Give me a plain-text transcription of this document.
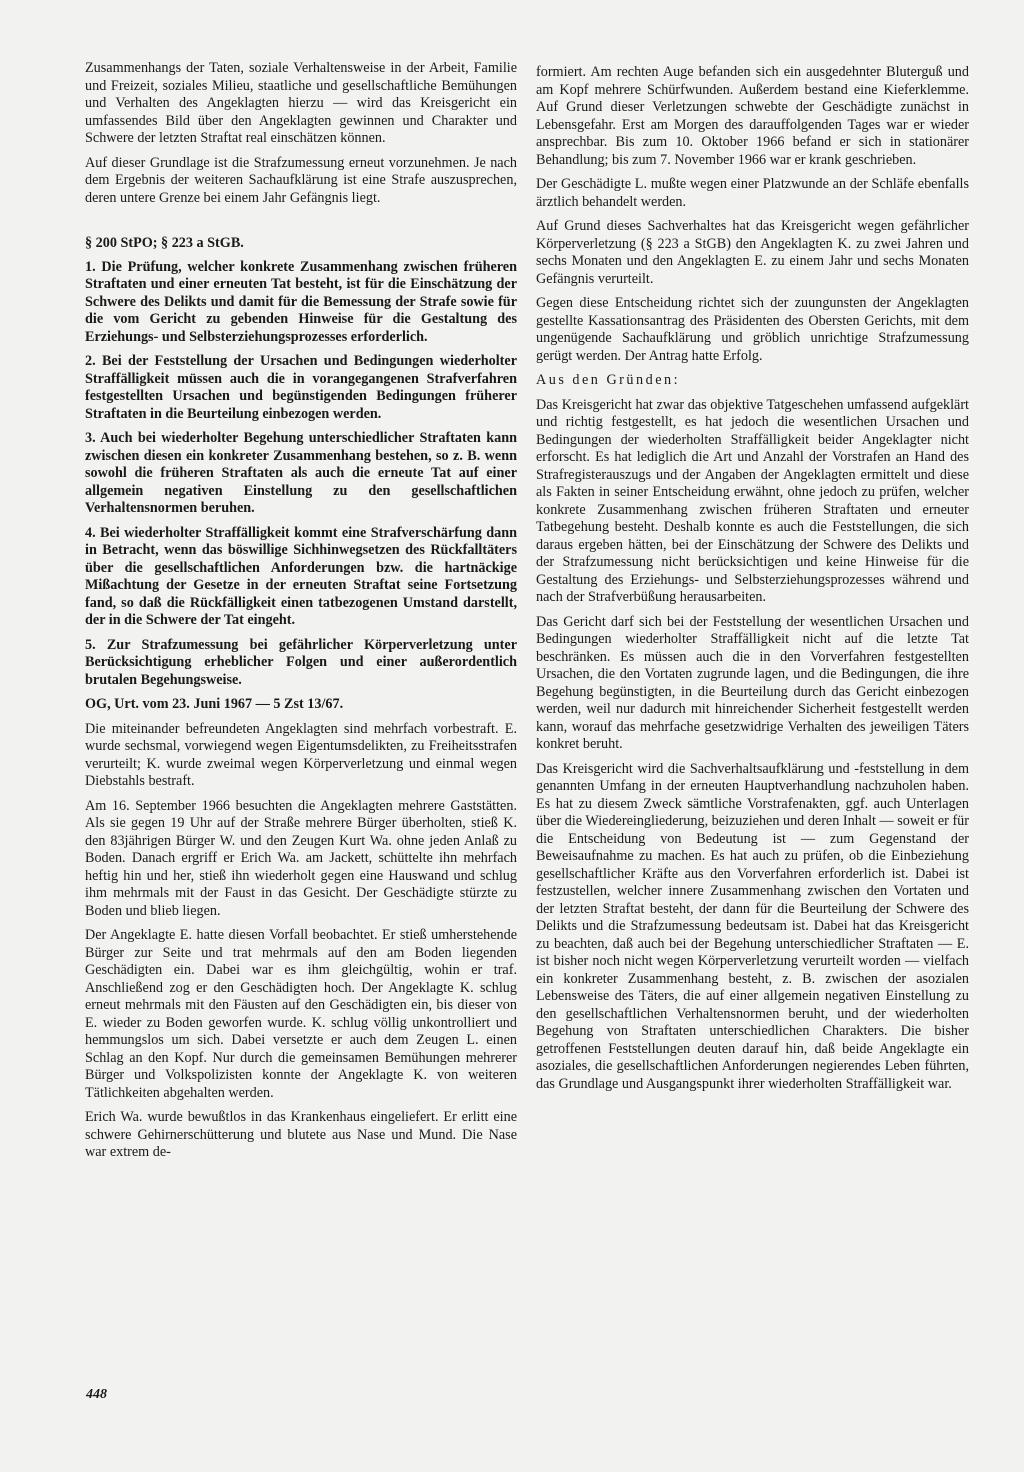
Zusammenhangs der Taten, soziale Verhaltensweise in der Arbeit, Familie und Freizeit, soziales Milieu, staatliche und gesellschaftliche Bemühungen und Verhalten des Angeklagten hierzu — wird das Kreisgericht ein umfassendes Bild über den Angeklagten gewinnen und Charakter und Schwere der letzten Straftat real einschätzen können.

Auf dieser Grundlage ist die Strafzumessung erneut vorzunehmen. Je nach dem Ergebnis der weiteren Sachaufklärung ist eine Strafe auszusprechen, deren untere Grenze bei einem Jahr Gefängnis liegt.

§ 200 StPO; § 223 a StGB.

1. Die Prüfung, welcher konkrete Zusammenhang zwischen früheren Straftaten und einer erneuten Tat besteht, ist für die Einschätzung der Schwere des Delikts und damit für die Bemessung der Strafe sowie für die vom Gericht zu gebenden Hinweise für die Gestaltung des Erziehungs- und Selbsterziehungsprozesses erforderlich.

2. Bei der Feststellung der Ursachen und Bedingungen wiederholter Straffälligkeit müssen auch die in vorangegangenen Strafverfahren festgestellten Ursachen und begünstigenden Bedingungen früherer Straftaten in die Beurteilung einbezogen werden.

3. Auch bei wiederholter Begehung unterschiedlicher Straftaten kann zwischen diesen ein konkreter Zusammenhang bestehen, so z. B. wenn sowohl die früheren Straftaten als auch die erneute Tat auf einer allgemein negativen Einstellung zu den gesellschaftlichen Verhaltensnormen beruhen.

4. Bei wiederholter Straffälligkeit kommt eine Strafverschärfung dann in Betracht, wenn das böswillige Sichhinwegsetzen des Rückfalltäters über die gesellschaftlichen Anforderungen bzw. die hartnäckige Mißachtung der Gesetze in der erneuten Straftat seine Fortsetzung fand, so daß die Rückfälligkeit einen tatbezogenen Umstand darstellt, der in die Schwere der Tat eingeht.

5. Zur Strafzumessung bei gefährlicher Körperverletzung unter Berücksichtigung erheblicher Folgen und einer außerordentlich brutalen Begehungsweise.

OG, Urt. vom 23. Juni 1967 — 5 Zst 13/67.

Die miteinander befreundeten Angeklagten sind mehrfach vorbestraft. E. wurde sechsmal, vorwiegend wegen Eigentumsdelikten, zu Freiheitsstrafen verurteilt; K. wurde zweimal wegen Körperverletzung und einmal wegen Diebstahls bestraft.

Am 16. September 1966 besuchten die Angeklagten mehrere Gaststätten. Als sie gegen 19 Uhr auf der Straße mehrere Bürger überholten, stieß K. den 83jährigen Bürger W. und den Zeugen Kurt Wa. ohne jeden Anlaß zu Boden. Danach ergriff er Erich Wa. am Jackett, schüttelte ihn mehrfach heftig hin und her, stieß ihn wiederholt gegen eine Hauswand und schlug ihm mehrmals mit der Faust in das Gesicht. Der Geschädigte stürzte zu Boden und blieb liegen.

Der Angeklagte E. hatte diesen Vorfall beobachtet. Er stieß umherstehende Bürger zur Seite und trat mehrmals auf den am Boden liegenden Geschädigten ein. Dabei war es ihm gleichgültig, wohin er traf. Anschließend zog er den Geschädigten hoch. Der Angeklagte K. schlug erneut mehrmals mit den Fäusten auf den Geschädigten ein, bis dieser von E. wieder zu Boden geworfen wurde. K. schlug völlig unkontrolliert und hemmungslos um sich. Dabei versetzte er auch dem Zeugen L. einen Schlag an den Kopf. Nur durch die gemeinsamen Bemühungen mehrerer Bürger und Volkspolizisten konnte der Angeklagte K. von weiteren Tätlichkeiten abgehalten werden.

Erich Wa. wurde bewußtlos in das Krankenhaus eingeliefert. Er erlitt eine schwere Gehirnerschütterung und blutete aus Nase und Mund. Die Nase war extrem de-

formiert. Am rechten Auge befanden sich ein ausgedehnter Bluterguß und am Kopf mehrere Schürfwunden. Außerdem bestand eine Kieferklemme. Auf Grund dieser Verletzungen schwebte der Geschädigte zunächst in Lebensgefahr. Erst am Morgen des darauffolgenden Tages war er wieder ansprechbar. Bis zum 10. Oktober 1966 befand er sich in stationärer Behandlung; bis zum 7. November 1966 war er krank geschrieben.

Der Geschädigte L. mußte wegen einer Platzwunde an der Schläfe ebenfalls ärztlich behandelt werden.

Auf Grund dieses Sachverhaltes hat das Kreisgericht wegen gefährlicher Körperverletzung (§ 223 a StGB) den Angeklagten K. zu zwei Jahren und sechs Monaten und den Angeklagten E. zu einem Jahr und sechs Monaten Gefängnis verurteilt.

Gegen diese Entscheidung richtet sich der zuungunsten der Angeklagten gestellte Kassationsantrag des Präsidenten des Obersten Gerichts, mit dem ungenügende Sachaufklärung und gröblich unrichtige Strafzumessung gerügt werden. Der Antrag hatte Erfolg.

Aus den Gründen:

Das Kreisgericht hat zwar das objektive Tatgeschehen umfassend aufgeklärt und richtig festgestellt, es hat jedoch die wesentlichen Ursachen und Bedingungen der wiederholten Straffälligkeit beider Angeklagter nicht erforscht. Es hat lediglich die Art und Anzahl der Vorstrafen an Hand des Strafregisterauszugs und der Angaben der Angeklagten ermittelt und diese als Fakten in seiner Entscheidung erwähnt, ohne jedoch zu prüfen, welcher konkrete Zusammenhang zwischen früheren Straftaten und erneuter Tatbegehung besteht. Deshalb konnte es auch die Feststellungen, die sich daraus ergeben hätten, bei der Einschätzung der Schwere des Delikts und der Strafzumessung nicht berücksichtigen und keine Hinweise für die Gestaltung des Erziehungs- und Selbsterziehungsprozesses während und nach der Strafverbüßung herausarbeiten.

Das Gericht darf sich bei der Feststellung der wesentlichen Ursachen und Bedingungen wiederholter Straffälligkeit nicht auf die letzte Tat beschränken. Es müssen auch die in den Vorverfahren festgestellten Ursachen, die den Vortaten zugrunde lagen, und die Bedingungen, die ihre Begehung begünstigten, in die Beurteilung durch das Gericht einbezogen werden, weil nur dadurch mit hinreichender Sicherheit festgestellt werden kann, worauf das mehrfache gesetzwidrige Verhalten des jeweiligen Täters konkret beruht.

Das Kreisgericht wird die Sachverhaltsaufklärung und -feststellung in dem genannten Umfang in der erneuten Hauptverhandlung nachzuholen haben. Es hat zu diesem Zweck sämtliche Vorstrafenakten, ggf. auch Unterlagen über die Wiedereingliederung, beizuziehen und deren Inhalt — soweit er für die Entscheidung von Bedeutung ist — zum Gegenstand der Beweisaufnahme zu machen. Es hat auch zu prüfen, ob die Einbeziehung gesellschaftlicher Kräfte aus den Vorverfahren erforderlich ist. Dabei ist festzustellen, welcher innere Zusammenhang zwischen den Vortaten und der letzten Straftat besteht, der dann für die Beurteilung der Schwere des Delikts und die Strafzumessung bedeutsam ist. Dabei hat das Kreisgericht zu beachten, daß auch bei der Begehung unterschiedlicher Straftaten — E. ist bisher noch nicht wegen Körperverletzung verurteilt worden — vielfach ein konkreter Zusammenhang besteht, z. B. zwischen der asozialen Lebensweise des Täters, die auf einer allgemein negativen Einstellung zu den gesellschaftlichen Verhaltensnormen beruht, und der wiederholten Begehung von Straftaten unterschiedlichen Charakters. Die bisher getroffenen Feststellungen deuten darauf hin, daß beide Angeklagte ein asoziales, die gesellschaftlichen Anforderungen negierendes Leben führten, das Grundlage und Ausgangspunkt ihrer wiederholten Straffälligkeit war.

448
